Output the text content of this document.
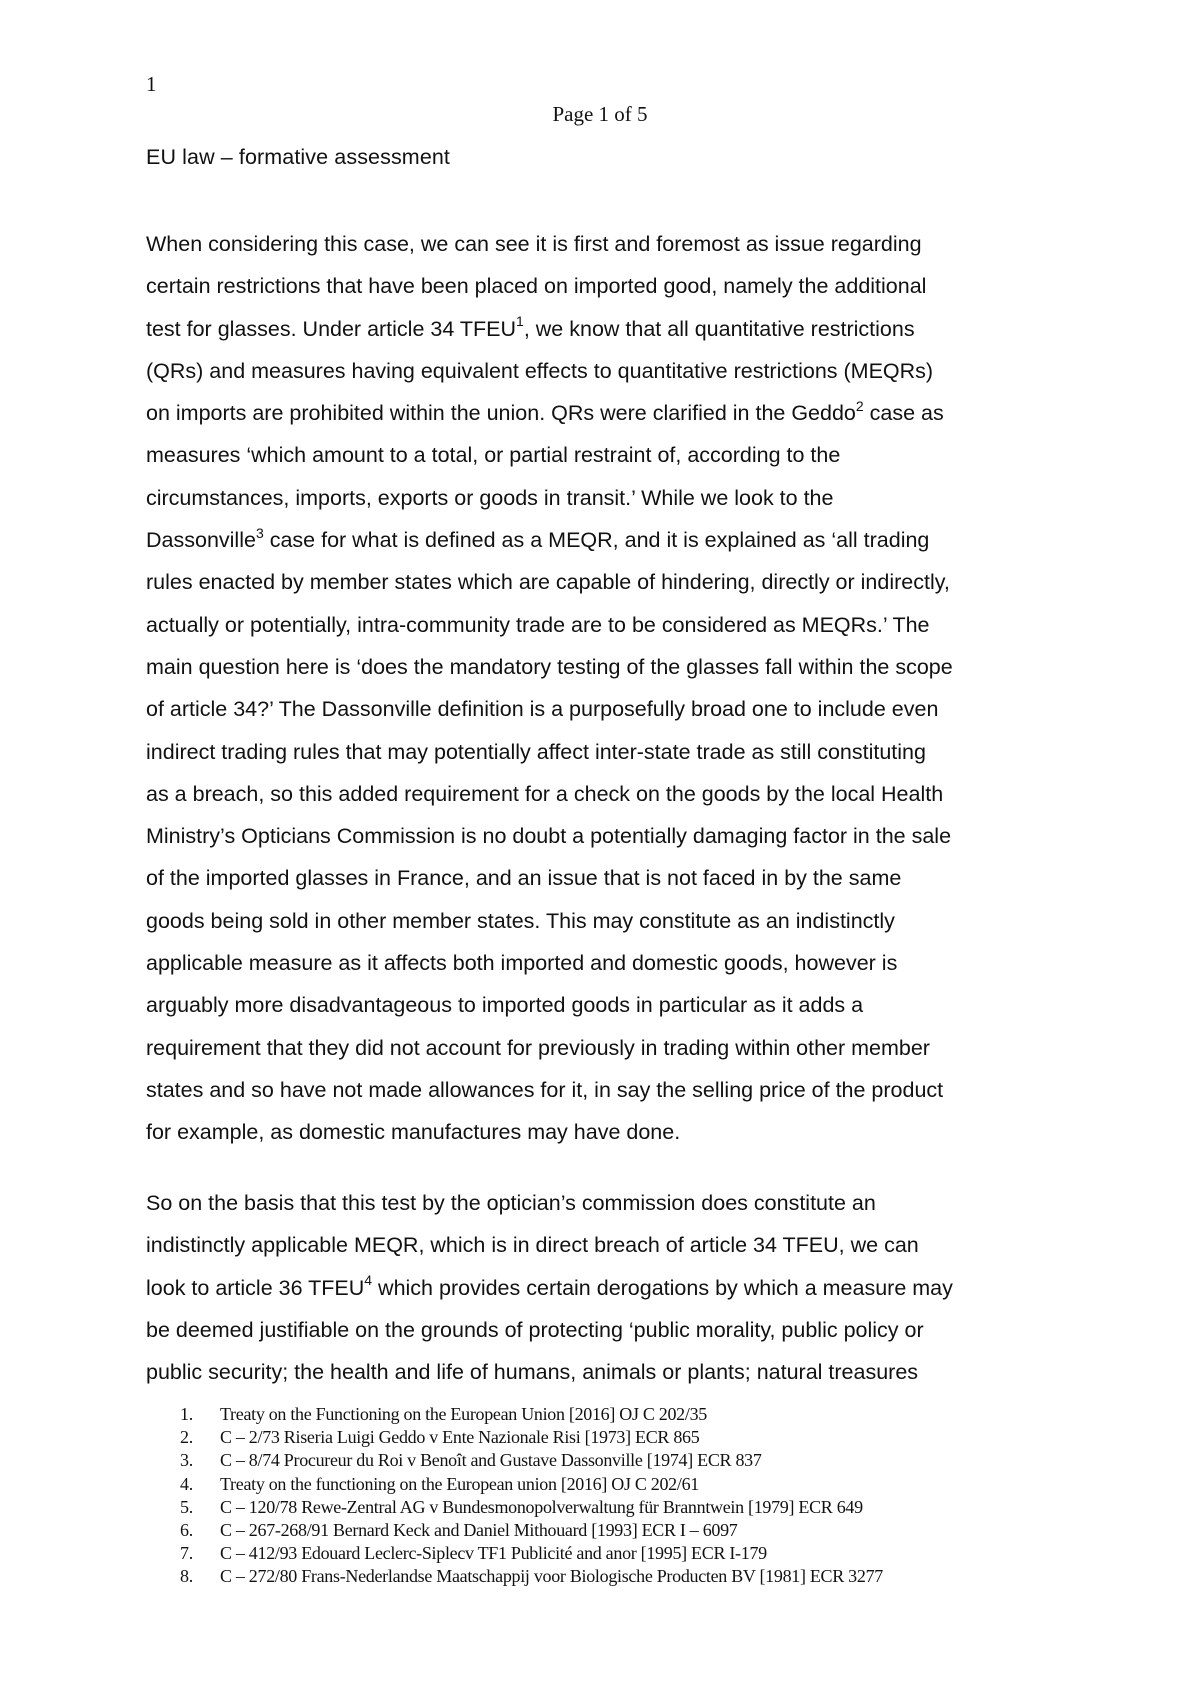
1
Page 1 of 5
EU law – formative assessment
When considering this case, we can see it is first and foremost as issue regarding
certain restrictions that have been placed on imported good, namely the additional
test for glasses. Under article 34 TFEU$^1$, we know that all quantitative restrictions
(QRs) and measures having equivalent effects to quantitative restrictions (MEQRs)
on imports are prohibited within the union. QRs were clarified in the Geddo$^2$ case as
measures ‘which amount to a total, or partial restraint of, according to the
circumstances, imports, exports or goods in transit.’ While we look to the
Dassonville$^3$ case for what is defined as a MEQR, and it is explained as ‘all trading
rules enacted by member states which are capable of hindering, directly or indirectly,
actually or potentially, intra-community trade are to be considered as MEQRs.’ The
main question here is ‘does the mandatory testing of the glasses fall within the scope
of article 34?’ The Dassonville definition is a purposefully broad one to include even
indirect trading rules that may potentially affect inter-state trade as still constituting
as a breach, so this added requirement for a check on the goods by the local Health
Ministry’s Opticians Commission is no doubt a potentially damaging factor in the sale
of the imported glasses in France, and an issue that is not faced in by the same
goods being sold in other member states. This may constitute as an indistinctly
applicable measure as it affects both imported and domestic goods, however is
arguably more disadvantageous to imported goods in particular as it adds a
requirement that they did not account for previously in trading within other member
states and so have not made allowances for it, in say the selling price of the product
for example, as domestic manufactures may have done.
So on the basis that this test by the optician’s commission does constitute an
indistinctly applicable MEQR, which is in direct breach of article 34 TFEU, we can
look to article 36 TFEU$^4$ which provides certain derogations by which a measure may
be deemed justifiable on the grounds of protecting ‘public morality, public policy or
public security; the health and life of humans, animals or plants; natural treasures
1.	Treaty on the Functioning on the European Union [2016] OJ C 202/35
2.	C – 2/73 Riseria Luigi Geddo v Ente Nazionale Risi [1973] ECR 865
3.	C – 8/74 Procureur du Roi v Benoît and Gustave Dassonville [1974] ECR 837
4.	Treaty on the functioning on the European union [2016] OJ C 202/61
5.	C – 120/78 Rewe-Zentral AG v Bundesmonopolverwaltung für Branntwein [1979] ECR 649
6.	C – 267-268/91 Bernard Keck and Daniel Mithouard [1993] ECR I – 6097
7.	C – 412/93 Edouard Leclerc-Siplecv TF1 Publicité and anor [1995] ECR I-179
8.	C – 272/80 Frans-Nederlandse Maatschappij voor Biologische Producten BV [1981] ECR 3277
